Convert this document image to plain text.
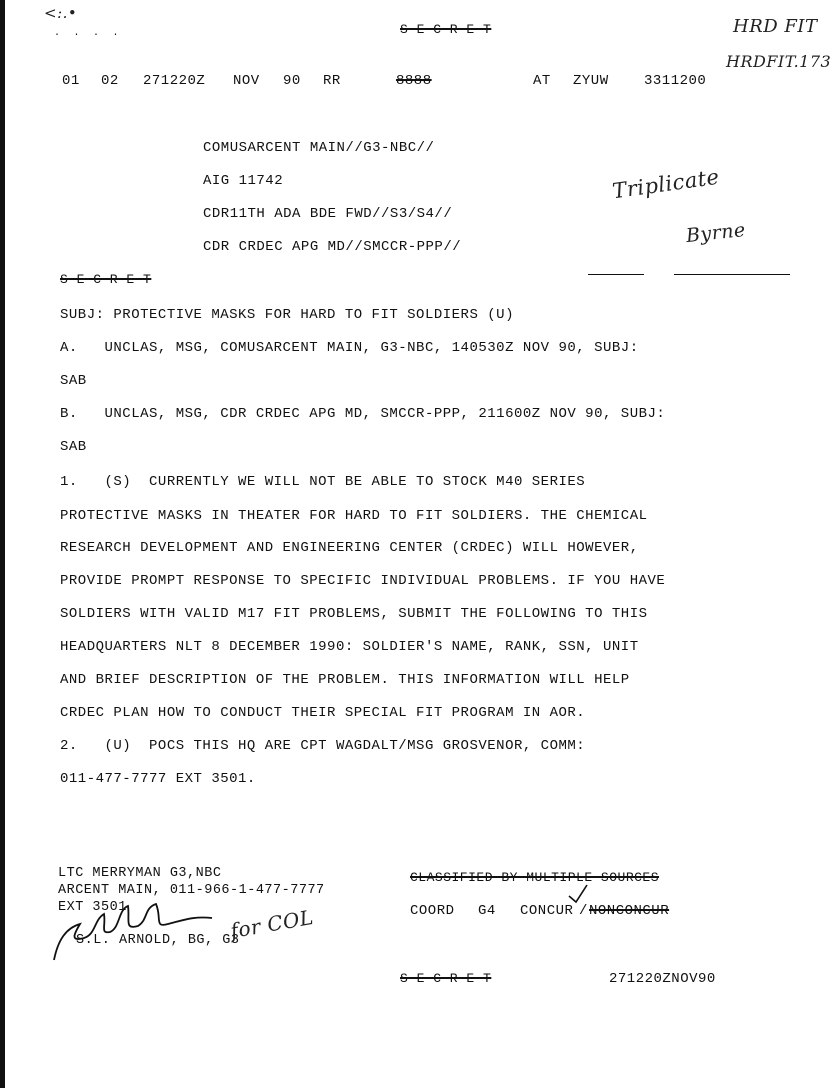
<:.•
·  ·  ·  ·	S E C R E T	HRD FIT
HRDFIT.173
01 02 271220Z NOV 90 RR	8888	AT ZYUW	3311200
COMUSARCENT MAIN//G3-NBC//
AIG 11742
CDR11TH ADA BDE FWD//S3/S4//
CDR CRDEC APG MD//SMCCR-PPP//
Triplicate
Byrne
S E C R E T
SUBJ: PROTECTIVE MASKS FOR HARD TO FIT SOLDIERS (U)
A.   UNCLAS, MSG, COMUSARCENT MAIN, G3-NBC, 140530Z NOV 90, SUBJ:
SAB
B.   UNCLAS, MSG, CDR CRDEC APG MD, SMCCR-PPP, 211600Z NOV 90, SUBJ:
SAB
1.   (S)  CURRENTLY WE WILL NOT BE ABLE TO STOCK M40 SERIES
PROTECTIVE MASKS IN THEATER FOR HARD TO FIT SOLDIERS. THE CHEMICAL
RESEARCH DEVELOPMENT AND ENGINEERING CENTER (CRDEC) WILL HOWEVER,
PROVIDE PROMPT RESPONSE TO SPECIFIC INDIVIDUAL PROBLEMS. IF YOU HAVE
SOLDIERS WITH VALID M17 FIT PROBLEMS, SUBMIT THE FOLLOWING TO THIS
HEADQUARTERS NLT 8 DECEMBER 1990: SOLDIER'S NAME, RANK, SSN, UNIT
AND BRIEF DESCRIPTION OF THE PROBLEM. THIS INFORMATION WILL HELP
CRDEC PLAN HOW TO CONDUCT THEIR SPECIAL FIT PROGRAM IN AOR.
2.   (U)  POCS THIS HQ ARE CPT WAGDALT/MSG GROSVENOR, COMM:
011-477-7777 EXT 3501.
LTC MERRYMAN G3,NBC
ARCENT MAIN, 011-966-1-477-7777
EXT 3501
S.L. ARNOLD, BG, G3
for COL
CLASSIFIED BY MULTIPLE SOURCES
COORD G4 CONCUR / NONCONCUR
S E C R E T	271220ZNOV90
